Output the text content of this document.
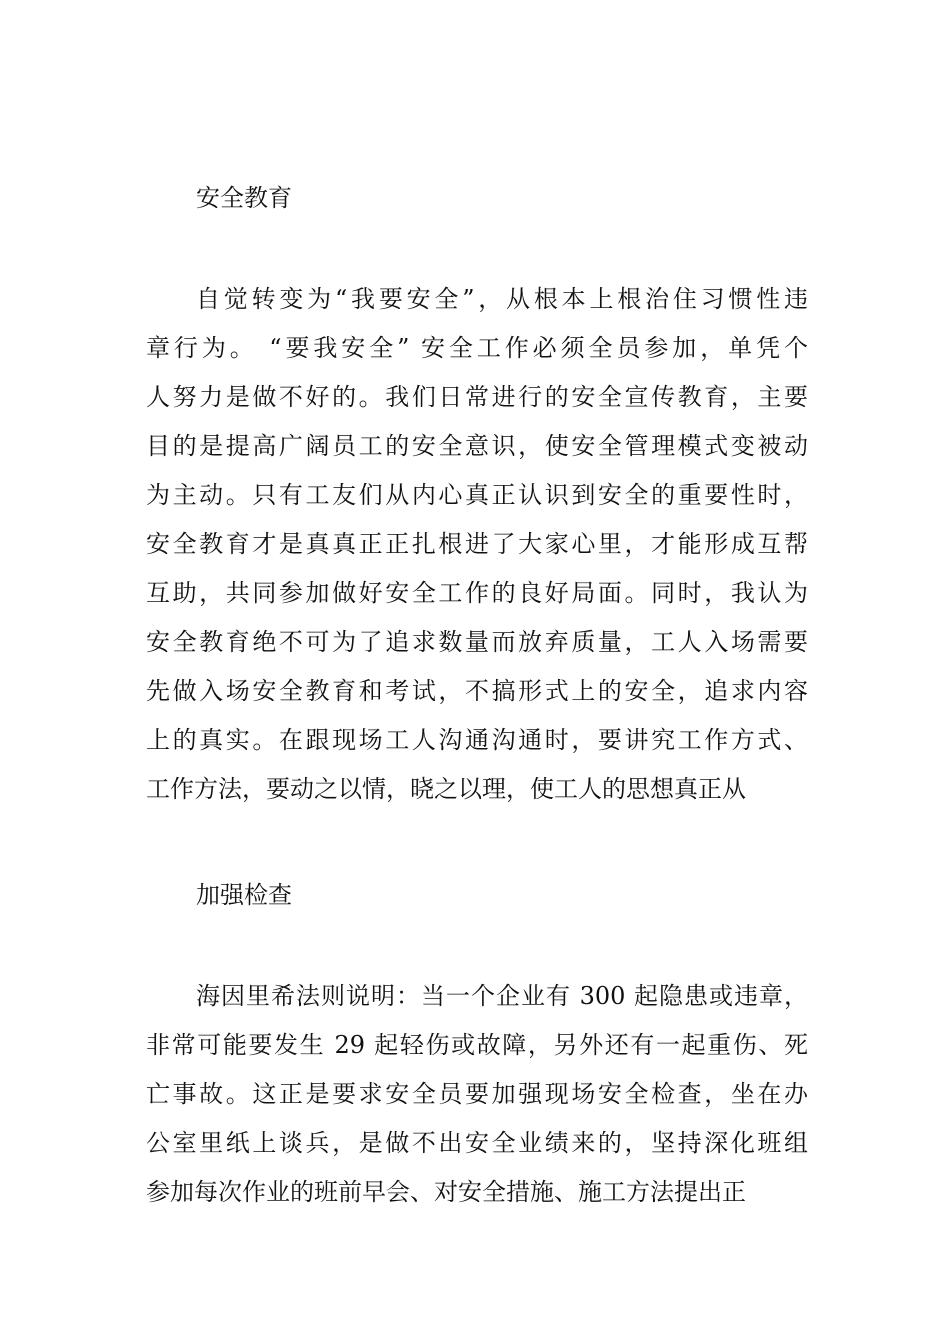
安全教育
自觉转变为“我要安全”，从根本上根治住习惯性违
章行为。 “要我安全” 安全工作必须全员参加，单凭个
人努力是做不好的。我们日常进行的安全宣传教育，主要
目的是提高广阔员工的安全意识，使安全管理模式变被动
为主动。只有工友们从内心真正认识到安全的重要性时，
安全教育才是真真正正扎根进了大家心里，才能形成互帮
互助，共同参加做好安全工作的良好局面。同时，我认为
安全教育绝不可为了追求数量而放弃质量，工人入场需要
先做入场安全教育和考试，不搞形式上的安全，追求内容
上的真实。在跟现场工人沟通沟通时，要讲究工作方式、
工作方法，要动之以情，晓之以理，使工人的思想真正从
加强检查
海因里希法则说明：当一个企业有 300 起隐患或违章，
非常可能要发生 29 起轻伤或故障，另外还有一起重伤、死
亡事故。这正是要求安全员要加强现场安全检查，坐在办
公室里纸上谈兵，是做不出安全业绩来的，坚持深化班组
参加每次作业的班前早会、对安全措施、施工方法提出正
